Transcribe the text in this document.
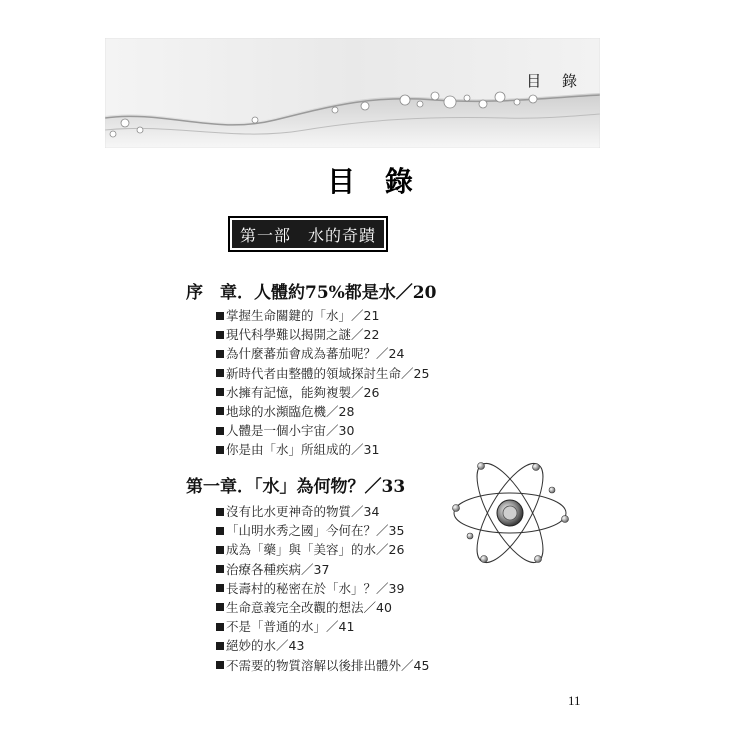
目 錄
目 錄
第一部　水的奇蹟
序　章．人體約75%都是水／20
掌握生命關鍵的「水」／21
現代科學難以揭開之謎／22
為什麼蕃茄會成為蕃茄呢？／24
新時代者由整體的領域探討生命／25
水擁有記憶，能夠複製／26
地球的水瀕臨危機／28
人體是一個小宇宙／30
你是由「水」所組成的／31
第一章．「水」為何物？／33
沒有比水更神奇的物質／34
「山明水秀之國」今何在？／35
成為「藥」與「美容」的水／26
治療各種疾病／37
長壽村的秘密在於「水」？／39
生命意義完全改觀的想法／40
不是「普通的水」／41
絕妙的水／43
不需要的物質溶解以後排出體外／45
11
